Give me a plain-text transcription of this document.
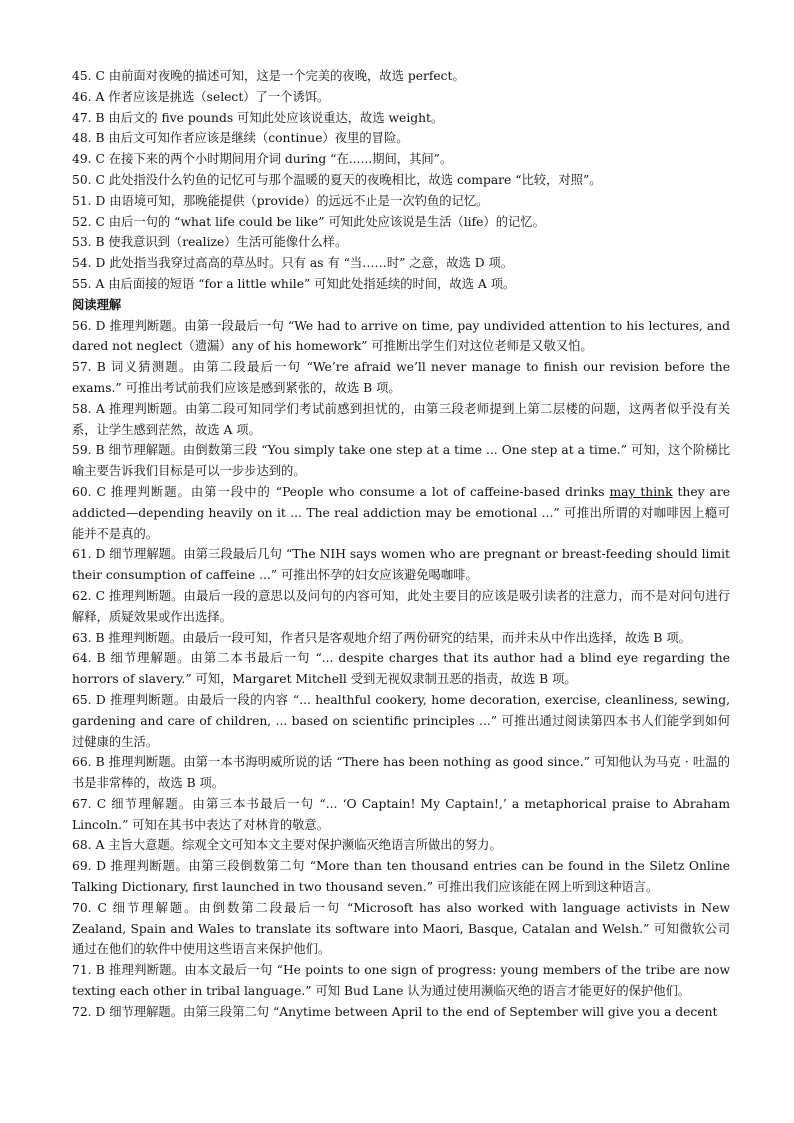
45. C 由前面对夜晚的描述可知，这是一个完美的夜晚，故选 perfect。
46. A 作者应该是挑选（select）了一个诱饵。
47. B 由后文的 five pounds 可知此处应该说重达，故选 weight。
48. B 由后文可知作者应该是继续（continue）夜里的冒险。
49. C 在接下来的两个小时期间用介词 during “在......期间，其间”。
50. C 此处指没什么钓鱼的记忆可与那个温暖的夏天的夜晚相比，故选 compare “比较，对照”。
51. D 由语境可知，那晚能提供（provide）的远远不止是一次钓鱼的记忆。
52. C 由后一句的 “what life could be like” 可知此处应该说是生活（life）的记忆。
53. B 使我意识到（realize）生活可能像什么样。
54. D 此处指当我穿过高高的草丛时。只有 as 有 “当……时” 之意，故选 D 项。
55. A 由后面接的短语 “for a little while” 可知此处指延续的时间，故选 A 项。
阅读理解
56. D 推理判断题。由第一段最后一句 “We had to arrive on time, pay undivided attention to his lectures, and dared not neglect（遗漏）any of his homework” 可推断出学生们对这位老师是又敬又怕。
57. B 词义猜测题。由第二段最后一句 “We’re afraid we’ll never manage to finish our revision before the exams.” 可推出考试前我们应该是感到紧张的，故选 B 项。
58. A 推理判断题。由第二段可知同学们考试前感到担忧的，由第三段老师提到上第二层楼的问题，这两者似乎没有关系，让学生感到茫然，故选 A 项。
59. B 细节理解题。由倒数第三段 “You simply take one step at a time ... One step at a time.” 可知，这个阶梯比喻主要告诉我们目标是可以一步步达到的。
60. C 推理判断题。由第一段中的 “People who consume a lot of caffeine-based drinks may think they are addicted—depending heavily on it ... The real addiction may be emotional ...” 可推出所谓的对咖啡因上瘾可能并不是真的。
61. D 细节理解题。由第三段最后几句 “The NIH says women who are pregnant or breast-feeding should limit their consumption of caffeine ...” 可推出怀孕的妇女应该避免喝咖啡。
62. C 推理判断题。由最后一段的意思以及问句的内容可知，此处主要目的应该是吸引读者的注意力，而不是对问句进行解释，质疑效果或作出选择。
63. B 推理判断题。由最后一段可知，作者只是客观地介绍了两份研究的结果，而并未从中作出选择，故选 B 项。
64. B 细节理解题。由第二本书最后一句 “... despite charges that its author had a blind eye regarding the horrors of slavery.” 可知，Margaret Mitchell 受到无视奴隶制丑恶的指责，故选 B 项。
65. D 推理判断题。由最后一段的内容 “... healthful cookery, home decoration, exercise, cleanliness, sewing, gardening and care of children, ... based on scientific principles ...” 可推出通过阅读第四本书人们能学到如何过健康的生活。
66. B 推理判断题。由第一本书海明威所说的话 “There has been nothing as good since.” 可知他认为马克 · 吐温的书是非常棒的，故选 B 项。
67. C 细节理解题。由第三本书最后一句 “... ‘O Captain! My Captain!,’ a metaphorical praise to Abraham Lincoln.” 可知在其书中表达了对林肯的敬意。
68. A 主旨大意题。综观全文可知本文主要对保护濒临灭绝语言所做出的努力。
69. D 推理判断题。由第三段倒数第二句 “More than ten thousand entries can be found in the Siletz Online Talking Dictionary, first launched in two thousand seven.” 可推出我们应该能在网上听到这种语言。
70. C 细节理解题。由倒数第二段最后一句 “Microsoft has also worked with language activists in New Zealand, Spain and Wales to translate its software into Maori, Basque, Catalan and Welsh.” 可知微软公司通过在他们的软件中使用这些语言来保护他们。
71. B 推理判断题。由本文最后一句 “He points to one sign of progress: young members of the tribe are now texting each other in tribal language.” 可知 Bud Lane 认为通过使用濒临灭绝的语言才能更好的保护他们。
72. D 细节理解题。由第三段第二句 “Anytime between April to the end of September will give you a decent
